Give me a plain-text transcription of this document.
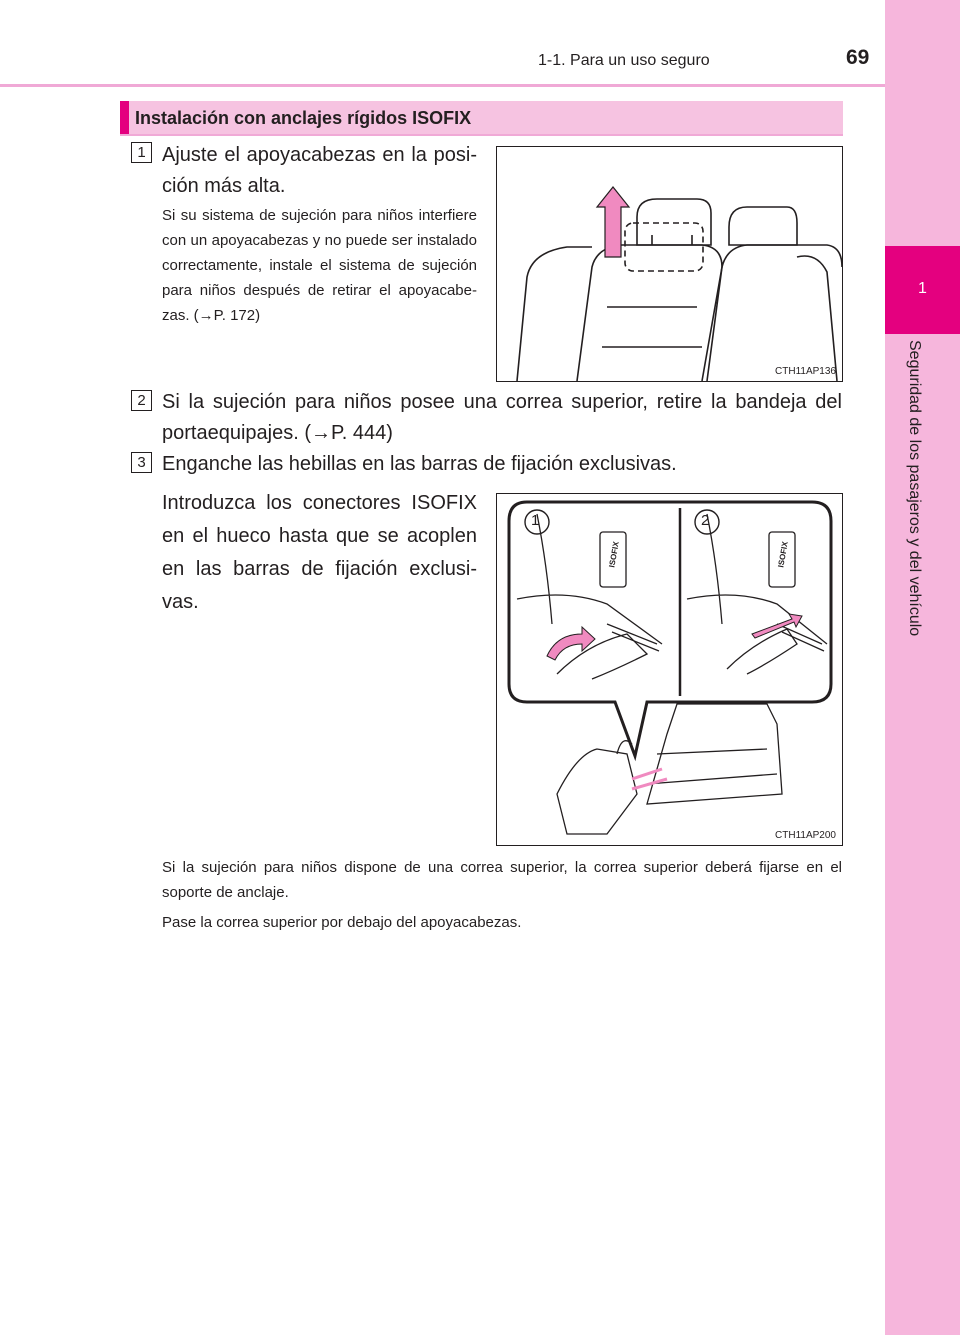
1-1. Para un uso seguro	69
1
Seguridad de los pasajeros y del vehículo
Instalación con anclajes rígidos ISOFIX
1 Ajuste el apoyacabezas en la posi-ción más alta.
Si su sistema de sujeción para niños interfiere con un apoyacabezas y no puede ser instalado correctamente, instale el sistema de sujeción para niños después de retirar el apoyacabe-zas. (→P. 172)
CTH11AP136
2 Si la sujeción para niños posee una correa superior, retire la bandeja del portaequipajes. (→P. 444)
3 Enganche las hebillas en las barras de fijación exclusivas.
Introduzca los conectores ISOFIX en el hueco hasta que se acoplen en las barras de fijación exclusi-vas.
1	2
ISOFIX	ISOFIX
CTH11AP200
Si la sujeción para niños dispone de una correa superior, la correa superior deberá fijarse en el soporte de anclaje.
Pase la correa superior por debajo del apoyacabezas.
